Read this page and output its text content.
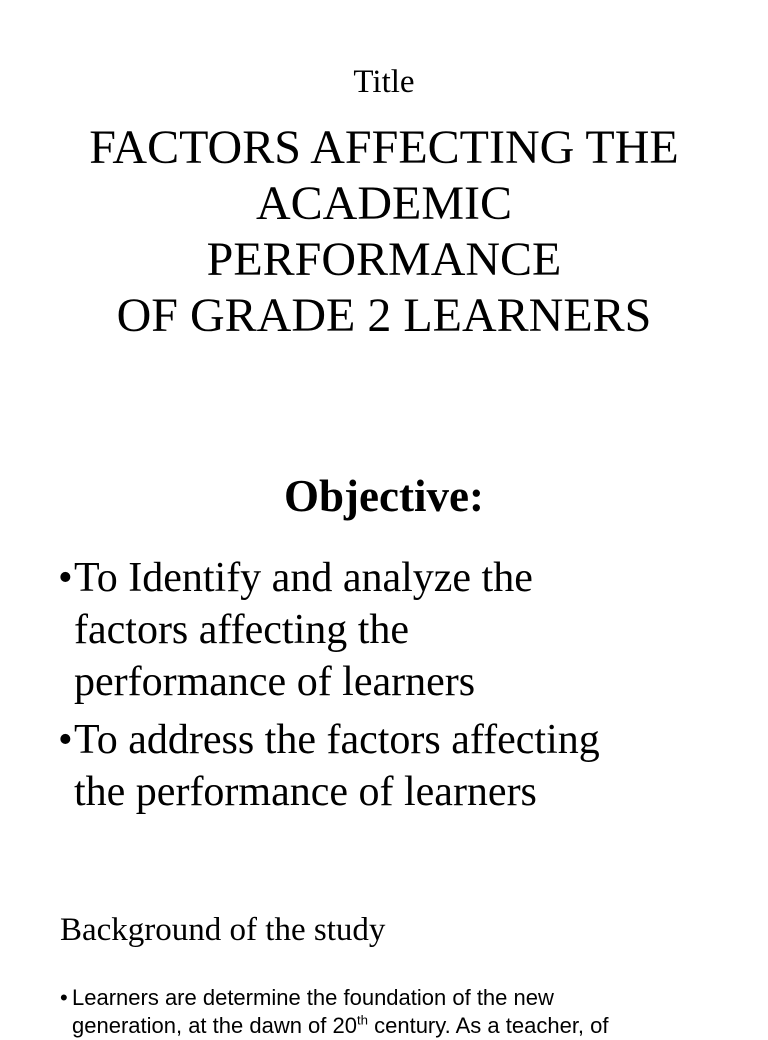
Title
FACTORS AFFECTING THE
ACADEMIC
PERFORMANCE
OF GRADE 2 LEARNERS
Objective:
• To Identify and analyze the
factors affecting the
performance of learners
• To address the factors affecting
the performance of learners
Background of the study
• Learners are determine the foundation of the new
generation, at the dawn of 20th century. As a teacher, of
